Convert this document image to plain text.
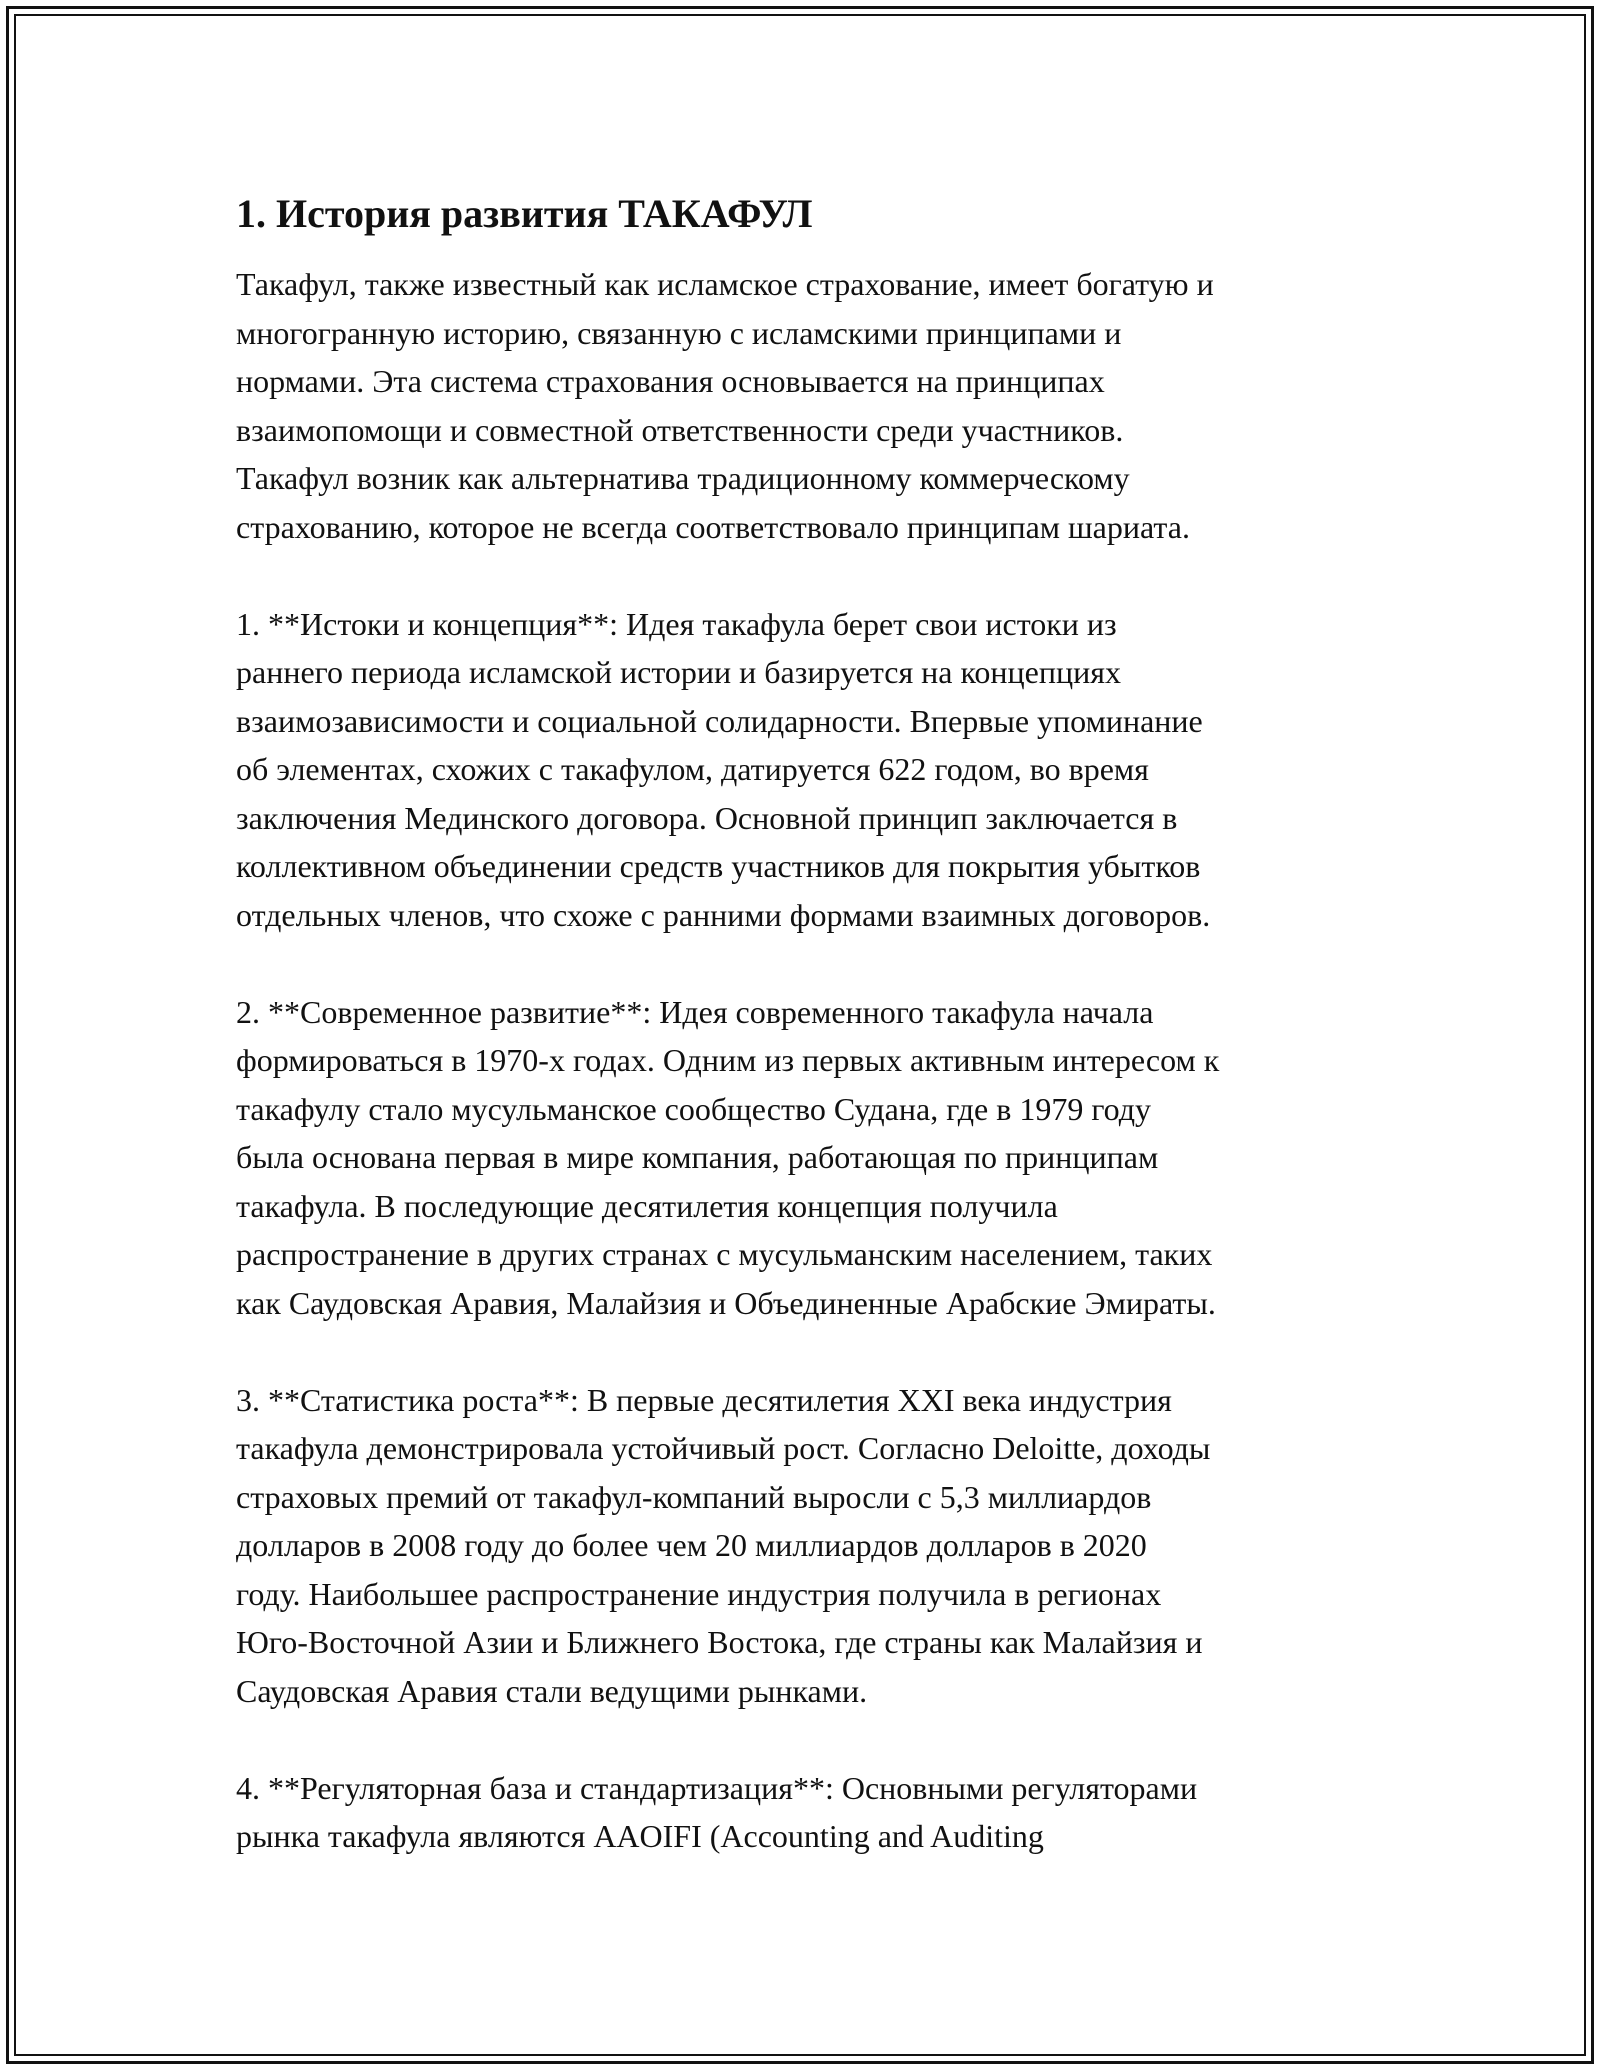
1. История развития ТАКАФУЛ

Такафул, также известный как исламское страхование, имеет богатую и
многогранную историю, связанную с исламскими принципами и
нормами. Эта система страхования основывается на принципах
взаимопомощи и совместной ответственности среди участников.
Такафул возник как альтернатива традиционному коммерческому
страхованию, которое не всегда соответствовало принципам шариата.

1. **Истоки и концепция**: Идея такафула берет свои истоки из
раннего периода исламской истории и базируется на концепциях
взаимозависимости и социальной солидарности. Впервые упоминание
об элементах, схожих с такафулом, датируется 622 годом, во время
заключения Мединского договора. Основной принцип заключается в
коллективном объединении средств участников для покрытия убытков
отдельных членов, что схоже с ранними формами взаимных договоров.

2. **Современное развитие**: Идея современного такафула начала
формироваться в 1970-х годах. Одним из первых активным интересом к
такафулу стало мусульманское сообщество Судана, где в 1979 году
была основана первая в мире компания, работающая по принципам
такафула. В последующие десятилетия концепция получила
распространение в других странах с мусульманским населением, таких
как Саудовская Аравия, Малайзия и Объединенные Арабские Эмираты.

3. **Статистика роста**: В первые десятилетия XXI века индустрия
такафула демонстрировала устойчивый рост. Согласно Deloitte, доходы
страховых премий от такафул-компаний выросли с 5,3 миллиардов
долларов в 2008 году до более чем 20 миллиардов долларов в 2020
году. Наибольшее распространение индустрия получила в регионах
Юго-Восточной Азии и Ближнего Востока, где страны как Малайзия и
Саудовская Аравия стали ведущими рынками.

4. **Регуляторная база и стандартизация**: Основными регуляторами
рынка такафула являются AAOIFI (Accounting and Auditing
